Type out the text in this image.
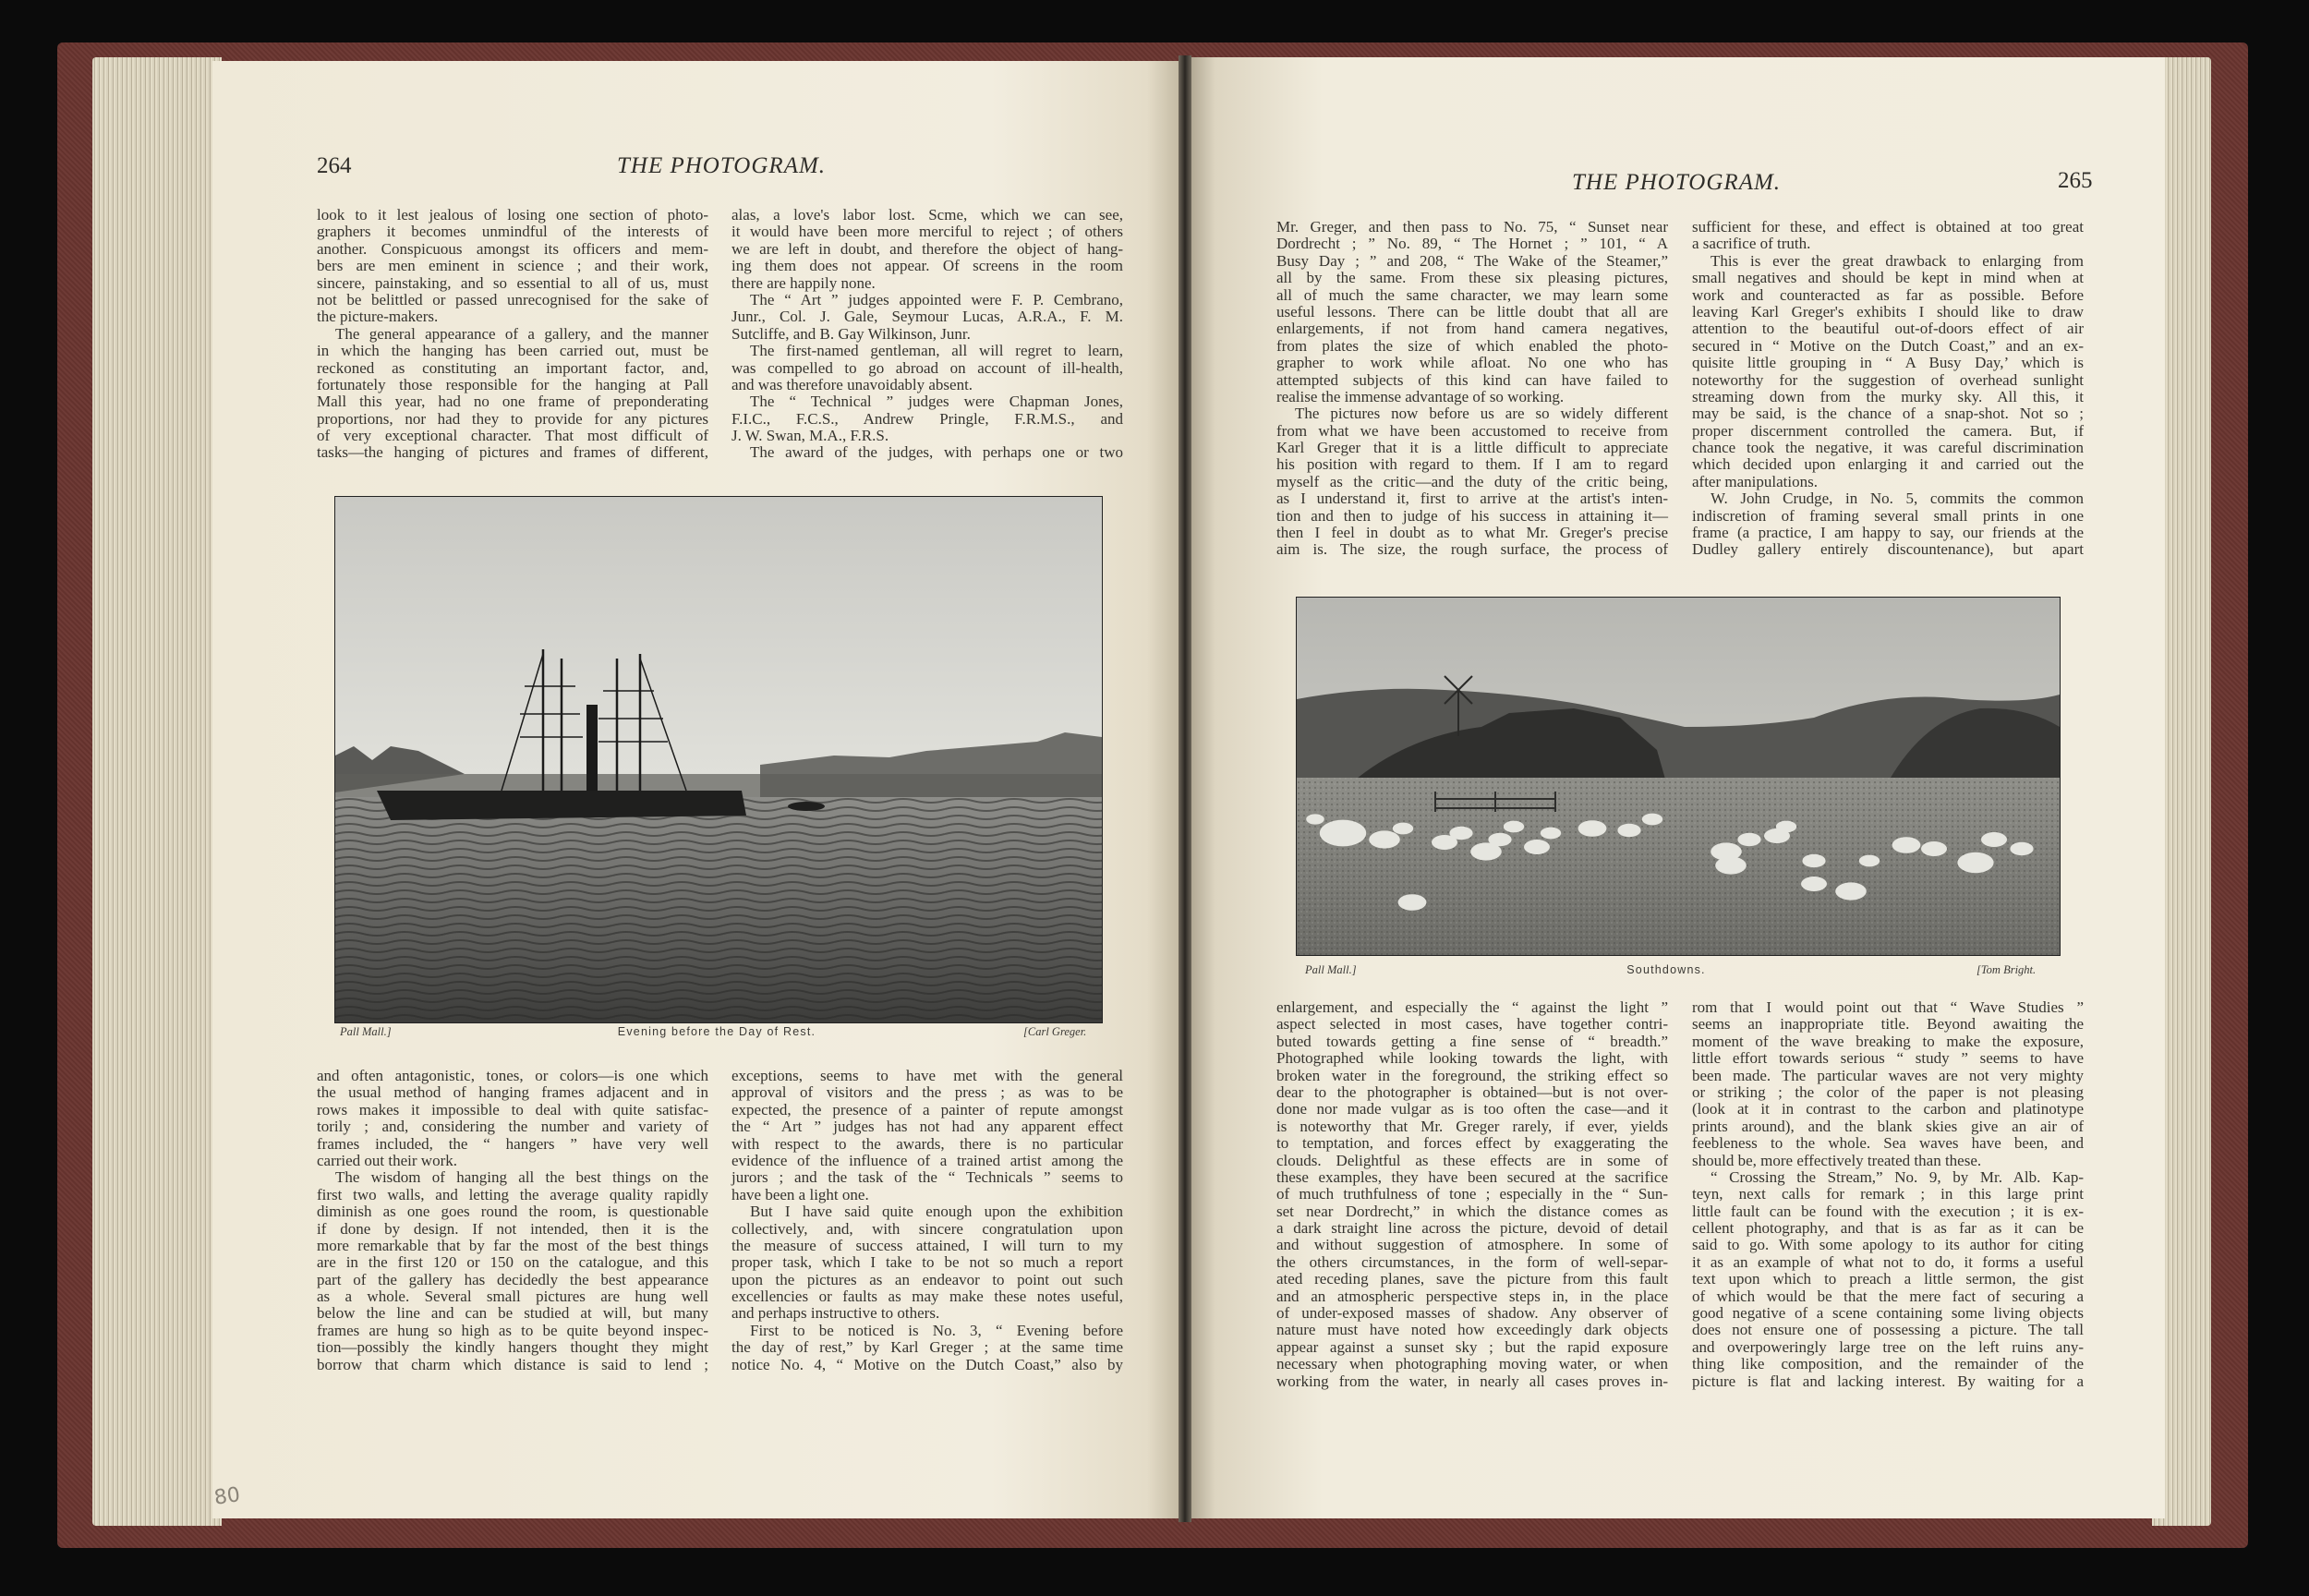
264	THE PHOTOGRAM.
look to it lest jealous of losing one section of photo-
graphers it becomes unmindful of the interests of
another. Conspicuous amongst its officers and mem-
bers are men eminent in science ; and their work,
sincere, painstaking, and so essential to all of us, must
not be belittled or passed unrecognised for the sake of
the picture-makers.
The general appearance of a gallery, and the manner
in which the hanging has been carried out, must be
reckoned as constituting an important factor, and,
fortunately those responsible for the hanging at Pall
Mall this year, had no one frame of preponderating
proportions, nor had they to provide for any pictures
of very exceptional character. That most difficult of
tasks—the hanging of pictures and frames of different,
alas, a love's labor lost. Scme, which we can see,
it would have been more merciful to reject ; of others
we are left in doubt, and therefore the object of hang-
ing them does not appear. Of screens in the room
there are happily none.
The “ Art ” judges appointed were F. P. Cembrano,
Junr., Col. J. Gale, Seymour Lucas, A.R.A., F. M.
Sutcliffe, and B. Gay Wilkinson, Junr.
The first-named gentleman, all will regret to learn,
was compelled to go abroad on account of ill-health,
and was therefore unavoidably absent.
The “ Technical ” judges were Chapman Jones,
F.I.C., F.C.S., Andrew Pringle, F.R.M.S., and
J. W. Swan, M.A., F.R.S.
The award of the judges, with perhaps one or two
Pall Mall.]	Evening before the Day of Rest.	[Carl Greger.
and often antagonistic, tones, or colors—is one which
the usual method of hanging frames adjacent and in
rows makes it impossible to deal with quite satisfac-
torily ; and, considering the number and variety of
frames included, the “ hangers ” have very well
carried out their work.
The wisdom of hanging all the best things on the
first two walls, and letting the average quality rapidly
diminish as one goes round the room, is questionable
if done by design. If not intended, then it is the
more remarkable that by far the most of the best things
are in the first 120 or 150 on the catalogue, and this
part of the gallery has decidedly the best appearance
as a whole. Several small pictures are hung well
below the line and can be studied at will, but many
frames are hung so high as to be quite beyond inspec-
tion—possibly the kindly hangers thought they might
borrow that charm which distance is said to lend ;
exceptions, seems to have met with the general
approval of visitors and the press ; as was to be
expected, the presence of a painter of repute amongst
the “ Art ” judges has not had any apparent effect
with respect to the awards, there is no particular
evidence of the influence of a trained artist among the
jurors ; and the task of the “ Technicals ” seems to
have been a light one.
But I have said quite enough upon the exhibition
collectively, and, with sincere congratulation upon
the measure of success attained, I will turn to my
proper task, which I take to be not so much a report
upon the pictures as an endeavor to point out such
excellencies or faults as may make these notes useful,
and perhaps instructive to others.
First to be noticed is No. 3, “ Evening before
the day of rest,” by Karl Greger ; at the same time
notice No. 4, “ Motive on the Dutch Coast,” also by
80
THE PHOTOGRAM.	265
Mr. Greger, and then pass to No. 75, “ Sunset near
Dordrecht ; ” No. 89, “ The Hornet ; ” 101, “ A
Busy Day ; ” and 208, “ The Wake of the Steamer,”
all by the same. From these six pleasing pictures,
all of much the same character, we may learn some
useful lessons. There can be little doubt that all are
enlargements, if not from hand camera negatives,
from plates the size of which enabled the photo-
grapher to work while afloat. No one who has
attempted subjects of this kind can have failed to
realise the immense advantage of so working.
The pictures now before us are so widely different
from what we have been accustomed to receive from
Karl Greger that it is a little difficult to appreciate
his position with regard to them. If I am to regard
myself as the critic—and the duty of the critic being,
as I understand it, first to arrive at the artist's inten-
tion and then to judge of his success in attaining it—
then I feel in doubt as to what Mr. Greger's precise
aim is. The size, the rough surface, the process of
sufficient for these, and effect is obtained at too great
a sacrifice of truth.
This is ever the great drawback to enlarging from
small negatives and should be kept in mind when at
work and counteracted as far as possible. Before
leaving Karl Greger's exhibits I should like to draw
attention to the beautiful out-of-doors effect of air
secured in “ Motive on the Dutch Coast,” and an ex-
quisite little grouping in “ A Busy Day,’ which is
noteworthy for the suggestion of overhead sunlight
streaming down from the murky sky. All this, it
may be said, is the chance of a snap-shot. Not so ;
proper discernment controlled the camera. But, if
chance took the negative, it was careful discrimination
which decided upon enlarging it and carried out the
after manipulations.
W. John Crudge, in No. 5, commits the common
indiscretion of framing several small prints in one
frame (a practice, I am happy to say, our friends at the
Dudley gallery entirely discountenance), but apart
Pall Mall.]	Southdowns.	[Tom Bright.
enlargement, and especially the “ against the light ”
aspect selected in most cases, have together contri-
buted towards getting a fine sense of “ breadth.”
Photographed while looking towards the light, with
broken water in the foreground, the striking effect so
dear to the photographer is obtained—but is not over-
done nor made vulgar as is too often the case—and it
is noteworthy that Mr. Greger rarely, if ever, yields
to temptation, and forces effect by exaggerating the
clouds. Delightful as these effects are in some of
these examples, they have been secured at the sacrifice
of much truthfulness of tone ; especially in the “ Sun-
set near Dordrecht,” in which the distance comes as
a dark straight line across the picture, devoid of detail
and without suggestion of atmosphere. In some of
the others circumstances, in the form of well-separ-
ated receding planes, save the picture from this fault
and an atmospheric perspective steps in, in the place
of under-exposed masses of shadow. Any observer of
nature must have noted how exceedingly dark objects
appear against a sunset sky ; but the rapid exposure
necessary when photographing moving water, or when
working from the water, in nearly all cases proves in-
rom that I would point out that “ Wave Studies ”
seems an inappropriate title. Beyond awaiting the
moment of the wave breaking to make the exposure,
little effort towards serious “ study ” seems to have
been made. The particular waves are not very mighty
or striking ; the color of the paper is not pleasing
(look at it in contrast to the carbon and platinotype
prints around), and the blank skies give an air of
feebleness to the whole. Sea waves have been, and
should be, more effectively treated than these.
“ Crossing the Stream,” No. 9, by Mr. Alb. Kap-
teyn, next calls for remark ; in this large print
little fault can be found with the execution ; it is ex-
cellent photography, and that is as far as it can be
said to go. With some apology to its author for citing
it as an example of what not to do, it forms a useful
text upon which to preach a little sermon, the gist
of which would be that the mere fact of securing a
good negative of a scene containing some living objects
does not ensure one of possessing a picture. The tall
and overpoweringly large tree on the left ruins any-
thing like composition, and the remainder of the
picture is flat and lacking interest. By waiting for a
